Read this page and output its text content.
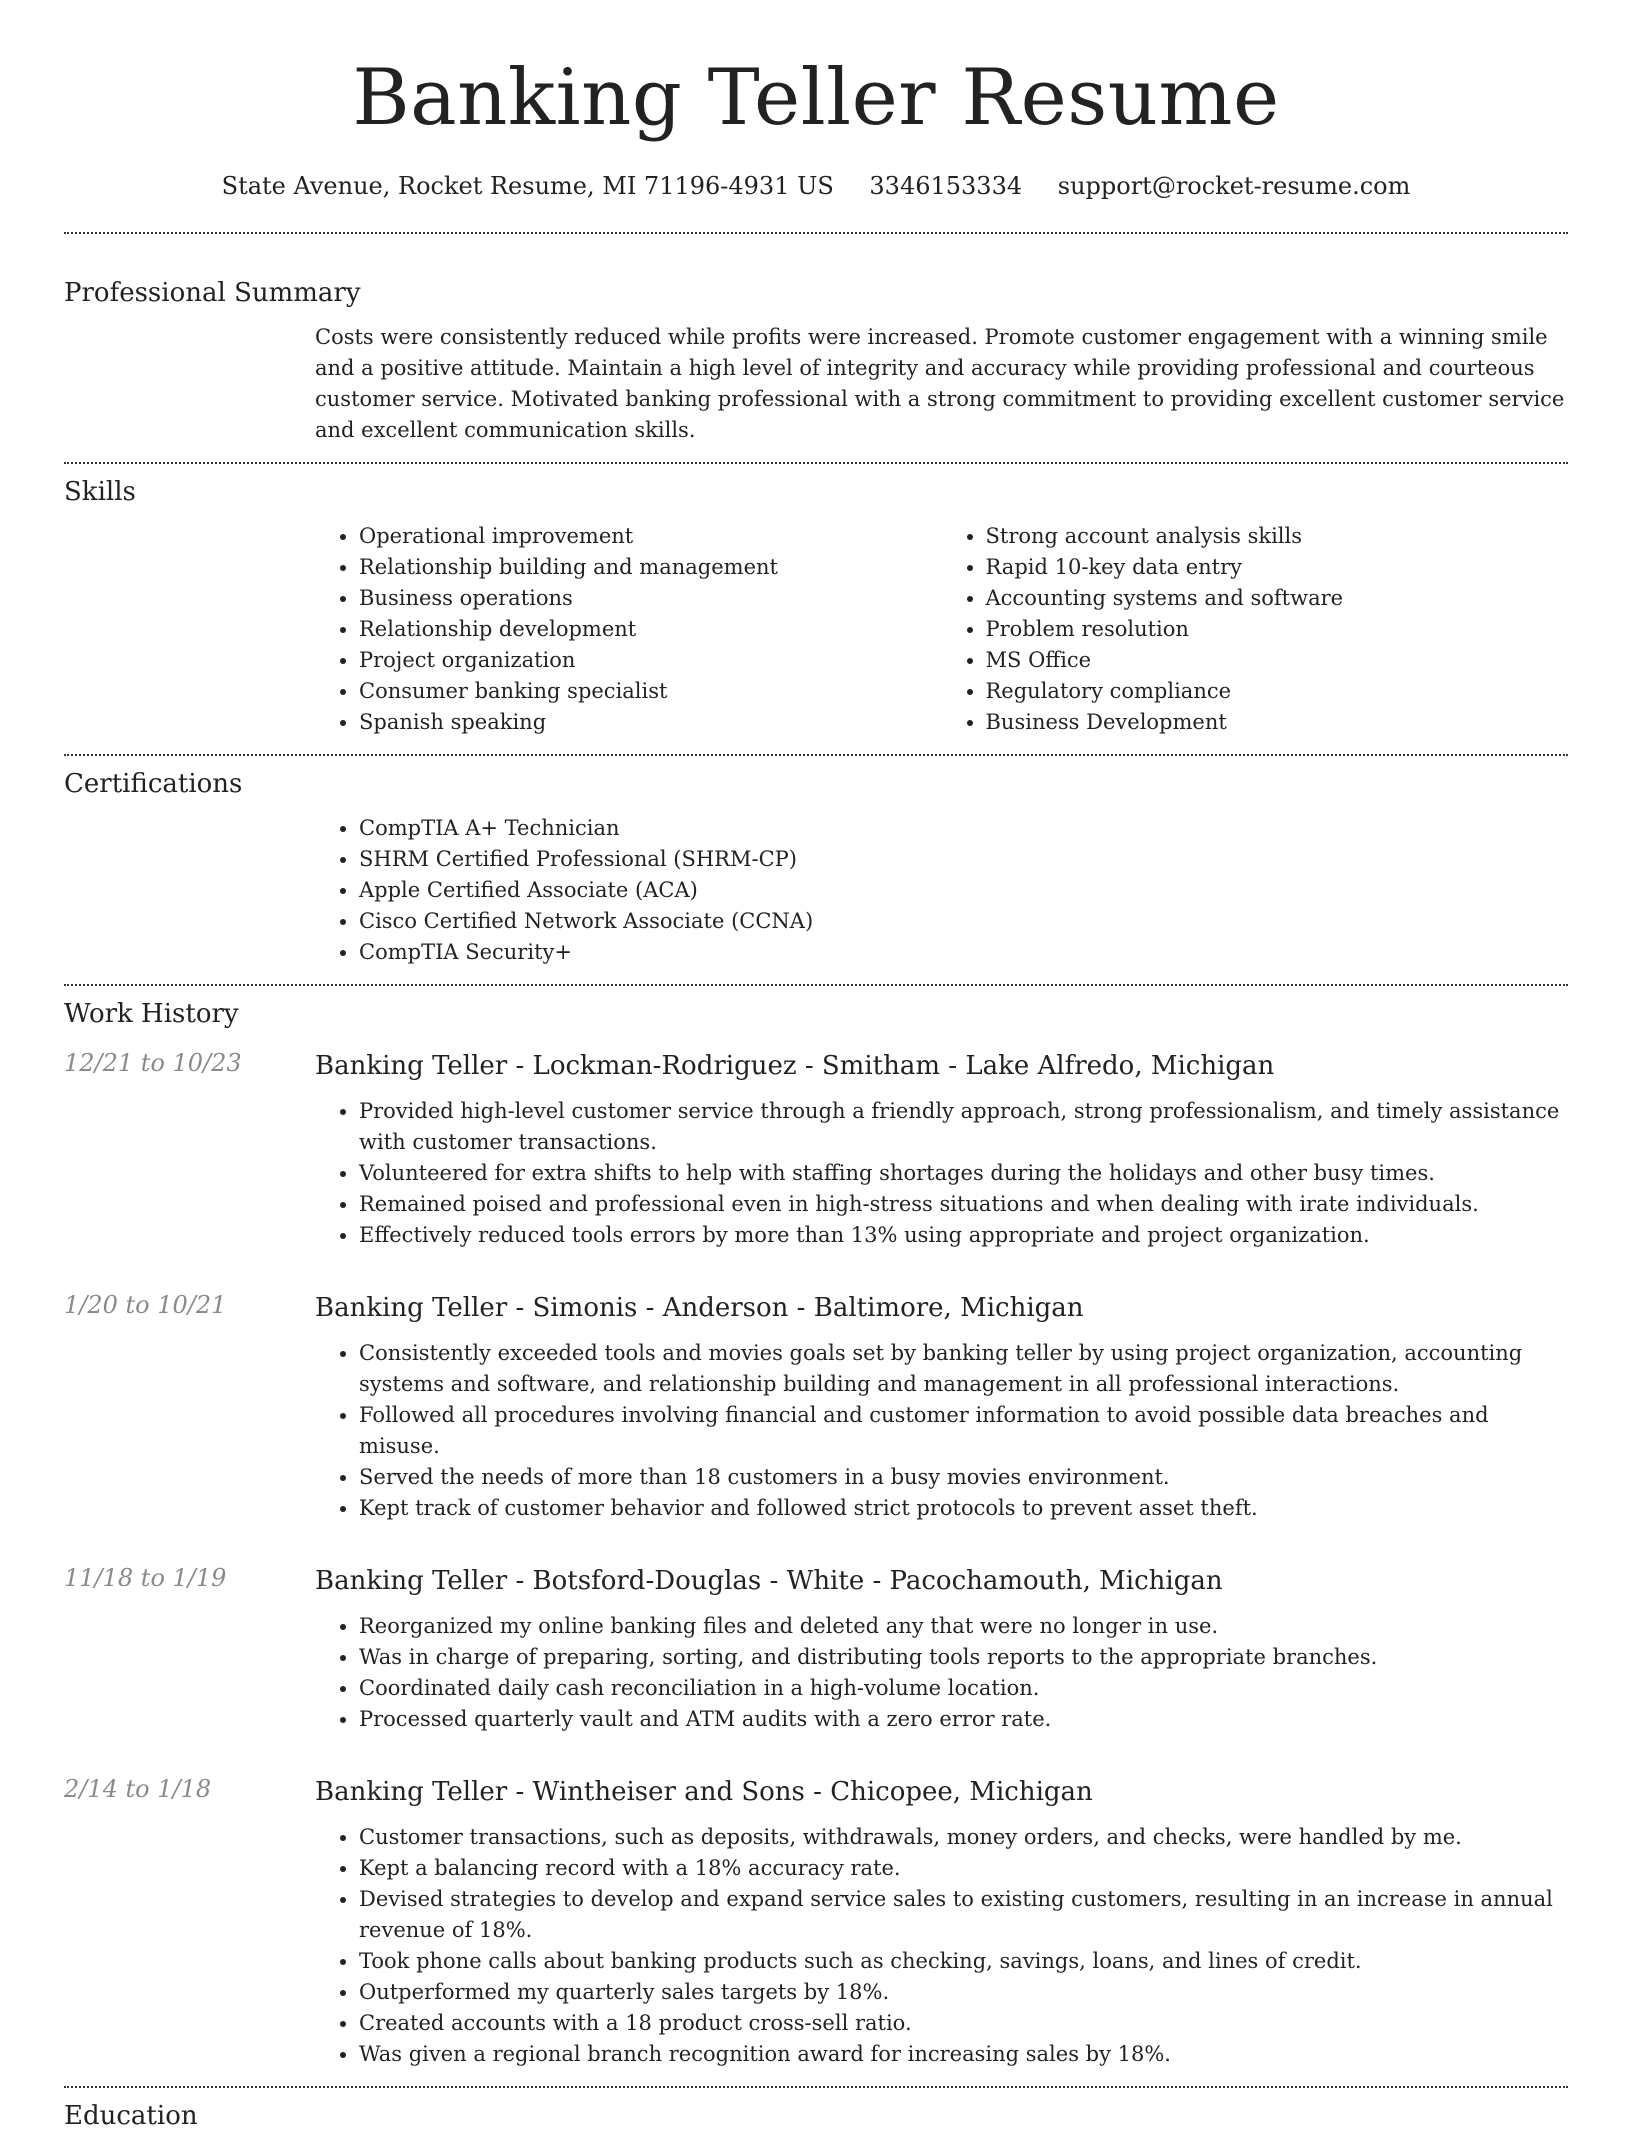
Banking Teller Resume
State Avenue, Rocket Resume, MI 71196-4931 US 3346153334 support@rocket-resume.com
Professional Summary
Costs were consistently reduced while profits were increased. Promote customer engagement with a winning smile and a positive attitude. Maintain a high level of integrity and accuracy while providing professional and courteous customer service. Motivated banking professional with a strong commitment to providing excellent customer service and excellent communication skills.
Skills
• Operational improvement
• Relationship building and management
• Business operations
• Relationship development
• Project organization
• Consumer banking specialist
• Spanish speaking
• Strong account analysis skills
• Rapid 10-key data entry
• Accounting systems and software
• Problem resolution
• MS Office
• Regulatory compliance
• Business Development
Certifications
• CompTIA A+ Technician
• SHRM Certified Professional (SHRM-CP)
• Apple Certified Associate (ACA)
• Cisco Certified Network Associate (CCNA)
• CompTIA Security+
Work History
12/21 to 10/23	Banking Teller - Lockman-Rodriguez - Smitham - Lake Alfredo, Michigan
• Provided high-level customer service through a friendly approach, strong professionalism, and timely assistance with customer transactions.
• Volunteered for extra shifts to help with staffing shortages during the holidays and other busy times.
• Remained poised and professional even in high-stress situations and when dealing with irate individuals.
• Effectively reduced tools errors by more than 13% using appropriate and project organization.
1/20 to 10/21	Banking Teller - Simonis - Anderson - Baltimore, Michigan
• Consistently exceeded tools and movies goals set by banking teller by using project organization, accounting systems and software, and relationship building and management in all professional interactions.
• Followed all procedures involving financial and customer information to avoid possible data breaches and misuse.
• Served the needs of more than 18 customers in a busy movies environment.
• Kept track of customer behavior and followed strict protocols to prevent asset theft.
11/18 to 1/19	Banking Teller - Botsford-Douglas - White - Pacochamouth, Michigan
• Reorganized my online banking files and deleted any that were no longer in use.
• Was in charge of preparing, sorting, and distributing tools reports to the appropriate branches.
• Coordinated daily cash reconciliation in a high-volume location.
• Processed quarterly vault and ATM audits with a zero error rate.
2/14 to 1/18	Banking Teller - Wintheiser and Sons - Chicopee, Michigan
• Customer transactions, such as deposits, withdrawals, money orders, and checks, were handled by me.
• Kept a balancing record with a 18% accuracy rate.
• Devised strategies to develop and expand service sales to existing customers, resulting in an increase in annual revenue of 18%.
• Took phone calls about banking products such as checking, savings, loans, and lines of credit.
• Outperformed my quarterly sales targets by 18%.
• Created accounts with a 18 product cross-sell ratio.
• Was given a regional branch recognition award for increasing sales by 18%.
Education
